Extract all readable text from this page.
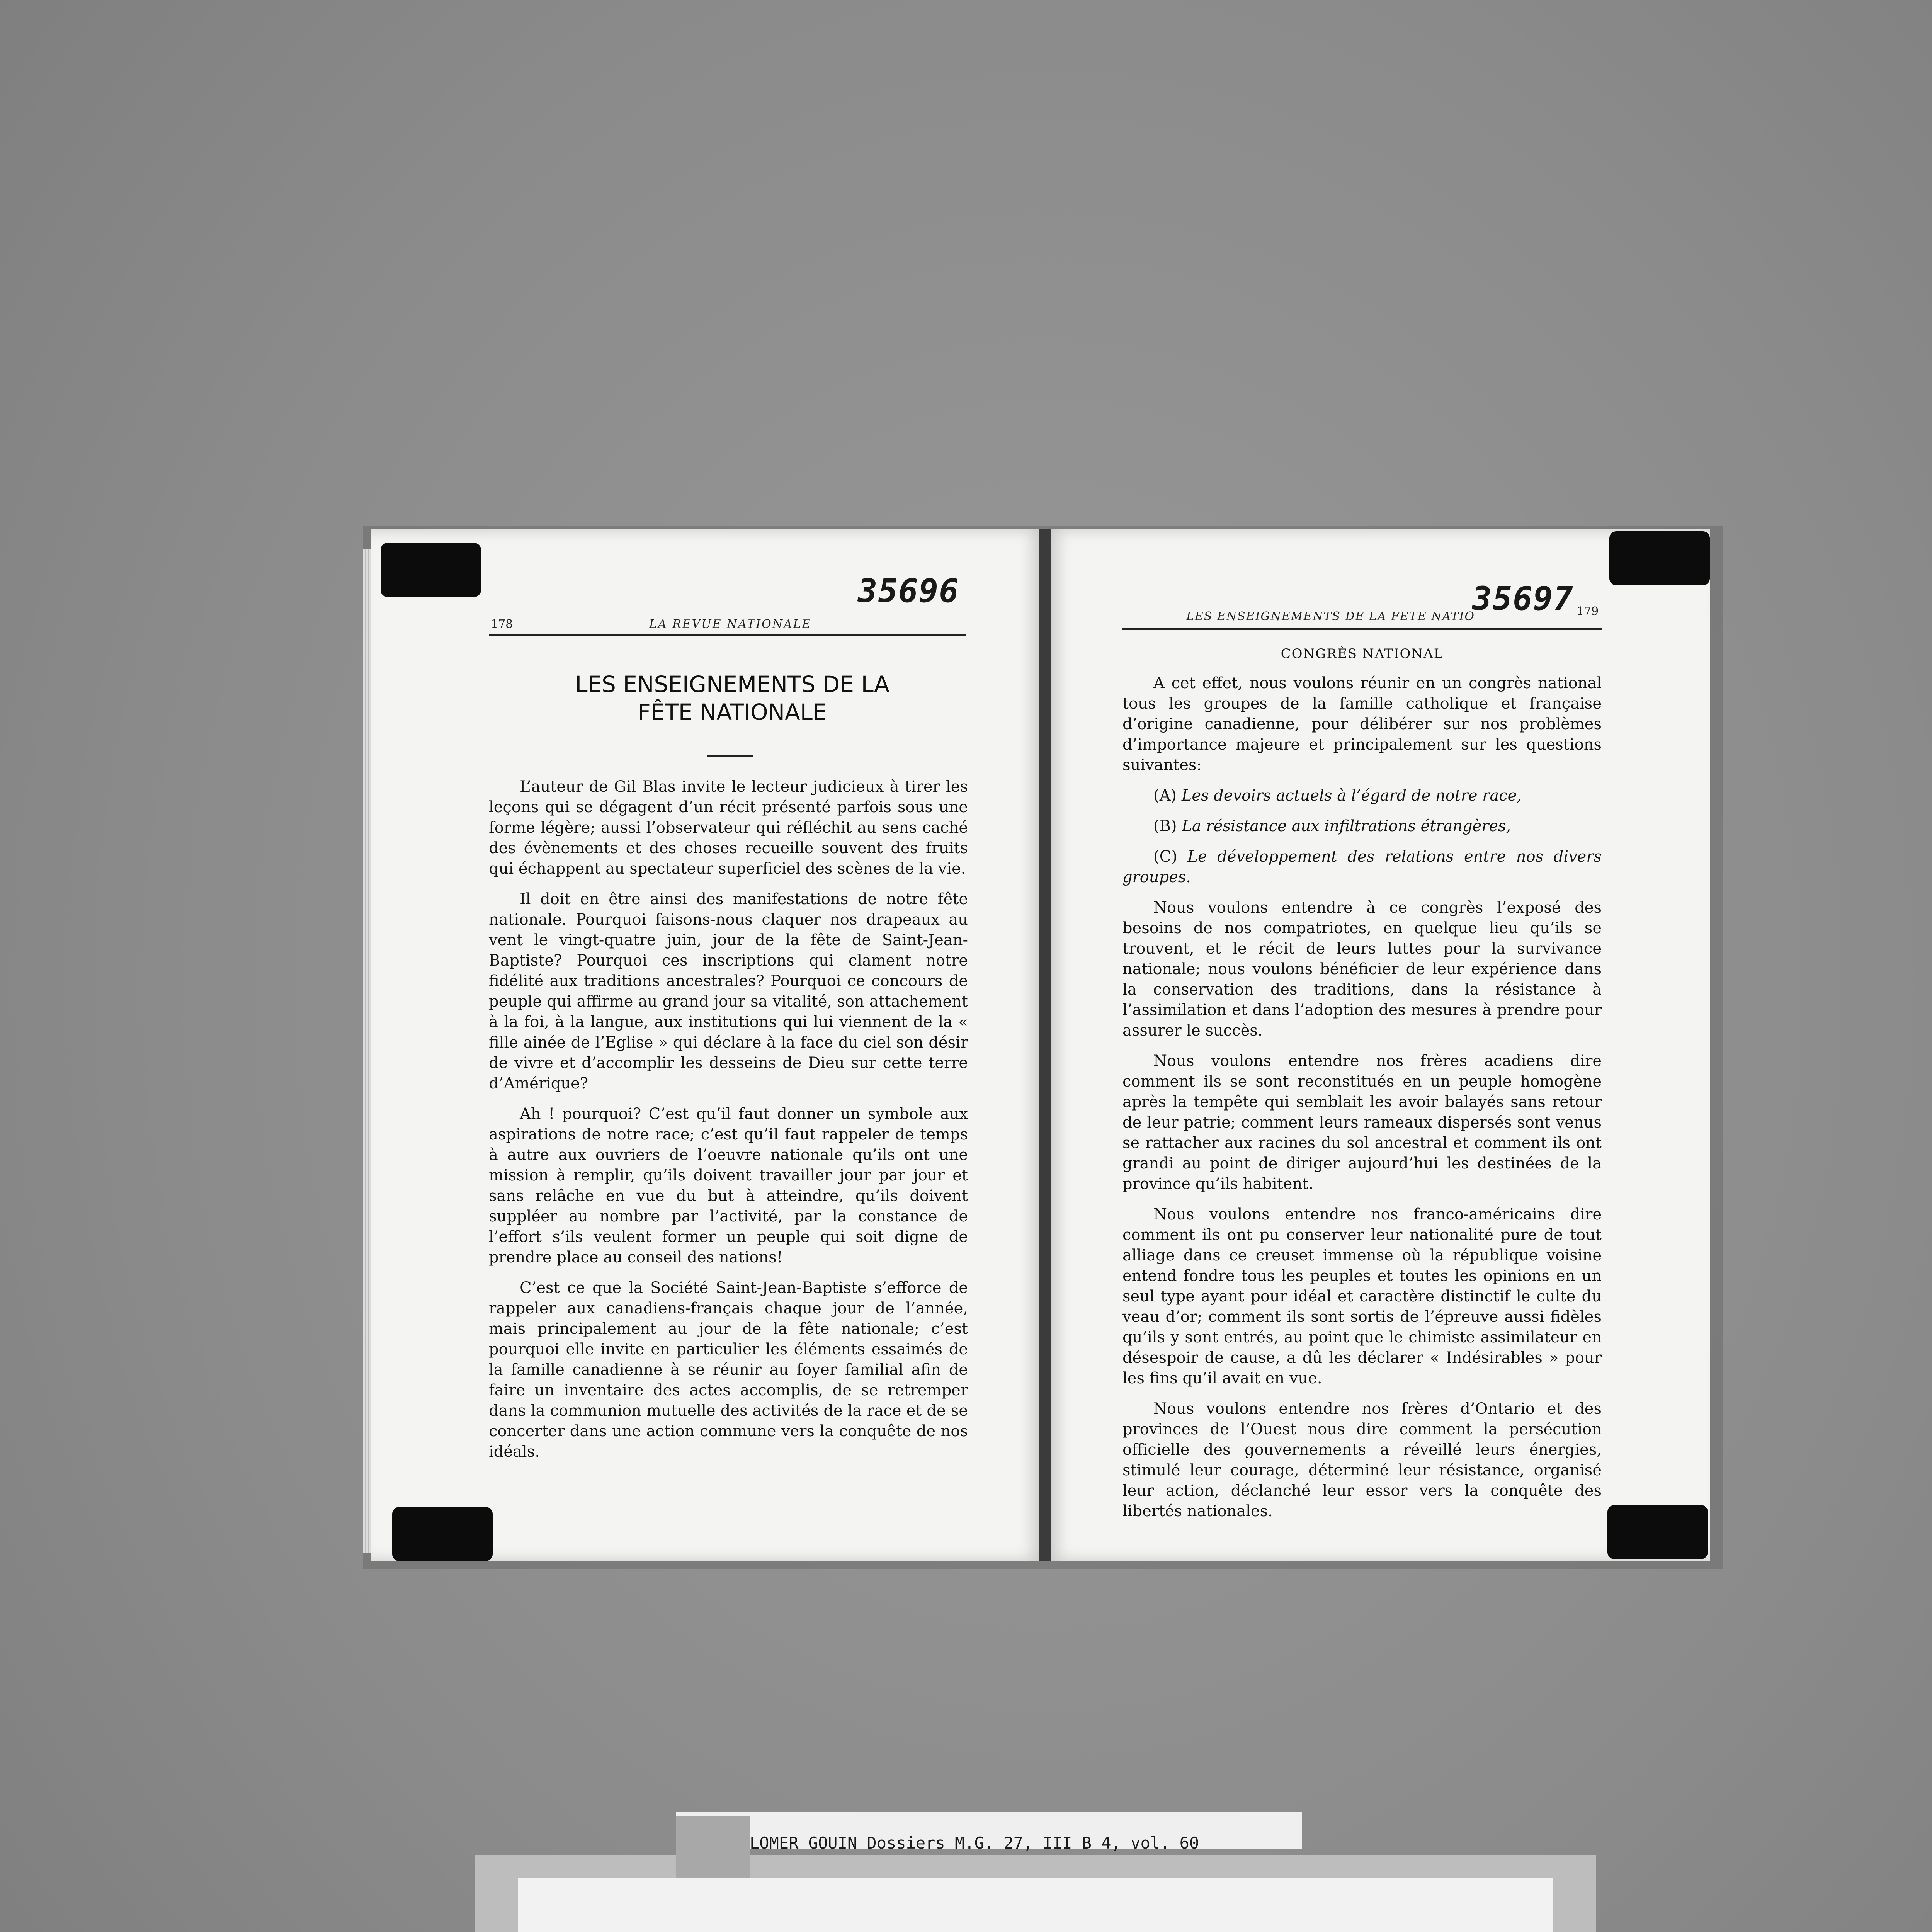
178	LA REVUE NATIONALE
35696
LES ENSEIGNEMENTS DE LA
FÊTE NATIONALE

L’auteur de Gil Blas invite le lecteur judicieux à tirer les leçons qui se dégagent d’un récit présenté parfois sous une forme légère; aussi l’observateur qui réfléchit au sens caché des évènements et des choses recueille souvent des fruits qui échappent au spectateur superficiel des scènes de la vie.

Il doit en être ainsi des manifestations de notre fête nationale. Pourquoi faisons-nous claquer nos drapeaux au vent le vingt-quatre juin, jour de la fête de Saint-Jean-Baptiste? Pourquoi ces inscriptions qui clament notre fidélité aux traditions ancestrales? Pourquoi ce concours de peuple qui affirme au grand jour sa vitalité, son attachement à la foi, à la langue, aux institutions qui lui viennent de la « fille ainée de l’Eglise » qui déclare à la face du ciel son désir de vivre et d’accomplir les desseins de Dieu sur cette terre d’Amérique?

Ah ! pourquoi? C’est qu’il faut donner un symbole aux aspirations de notre race; c’est qu’il faut rappeler de temps à autre aux ouvriers de l’oeuvre nationale qu’ils ont une mission à remplir, qu’ils doivent travailler jour par jour et sans relâche en vue du but à atteindre, qu’ils doivent suppléer au nombre par l’activité, par la constance de l’effort s’ils veulent former un peuple qui soit digne de prendre place au conseil des nations!

C’est ce que la Société Saint-Jean-Baptiste s’efforce de rappeler aux canadiens-français chaque jour de l’année, mais principalement au jour de la fête nationale; c’est pourquoi elle invite en particulier les éléments essaimés de la famille canadienne à se réunir au foyer familial afin de faire un inventaire des actes accomplis, de se retremper dans la communion mutuelle des activités de la race et de se concerter dans une action commune vers la conquête de nos idéals.

LES ENSEIGNEMENTS DE LA FETE NATIO
35697 179
CONGRÈS NATIONAL

A cet effet, nous voulons réunir en un congrès national tous les groupes de la famille catholique et française d’origine canadienne, pour délibérer sur nos problèmes d’importance majeure et principalement sur les questions suivantes:

(A) Les devoirs actuels à l’égard de notre race,
(B) La résistance aux infiltrations étrangères,
(C) Le développement des relations entre nos divers groupes.

Nous voulons entendre à ce congrès l’exposé des besoins de nos compatriotes, en quelque lieu qu’ils se trouvent, et le récit de leurs luttes pour la survivance nationale; nous voulons bénéficier de leur expérience dans la conservation des traditions, dans la résistance à l’assimilation et dans l’adoption des mesures à prendre pour assurer le succès.

Nous voulons entendre nos frères acadiens dire comment ils se sont reconstitués en un peuple homogène après la tempête qui semblait les avoir balayés sans retour de leur patrie; comment leurs rameaux dispersés sont venus se rattacher aux racines du sol ancestral et comment ils ont grandi au point de diriger aujourd’hui les destinées de la province qu’ils habitent.

Nous voulons entendre nos franco-américains dire comment ils ont pu conserver leur nationalité pure de tout alliage dans ce creuset immense où la république voisine entend fondre tous les peuples et toutes les opinions en un seul type ayant pour idéal et caractère distinctif le culte du veau d’or; comment ils sont sortis de l’épreuve aussi fidèles qu’ils y sont entrés, au point que le chimiste assimilateur en désespoir de cause, a dû les déclarer « Indésirables » pour les fins qu’il avait en vue.

Nous voulons entendre nos frères d’Ontario et des provinces de l’Ouest nous dire comment la persécution officielle des gouvernements a réveillé leurs énergies, stimulé leur courage, déterminé leur résistance, organisé leur action, déclanché leur essor vers la conquête des libertés nationales.

LOMER GOUIN Dossiers M.G. 27, III B 4, vol. 60
